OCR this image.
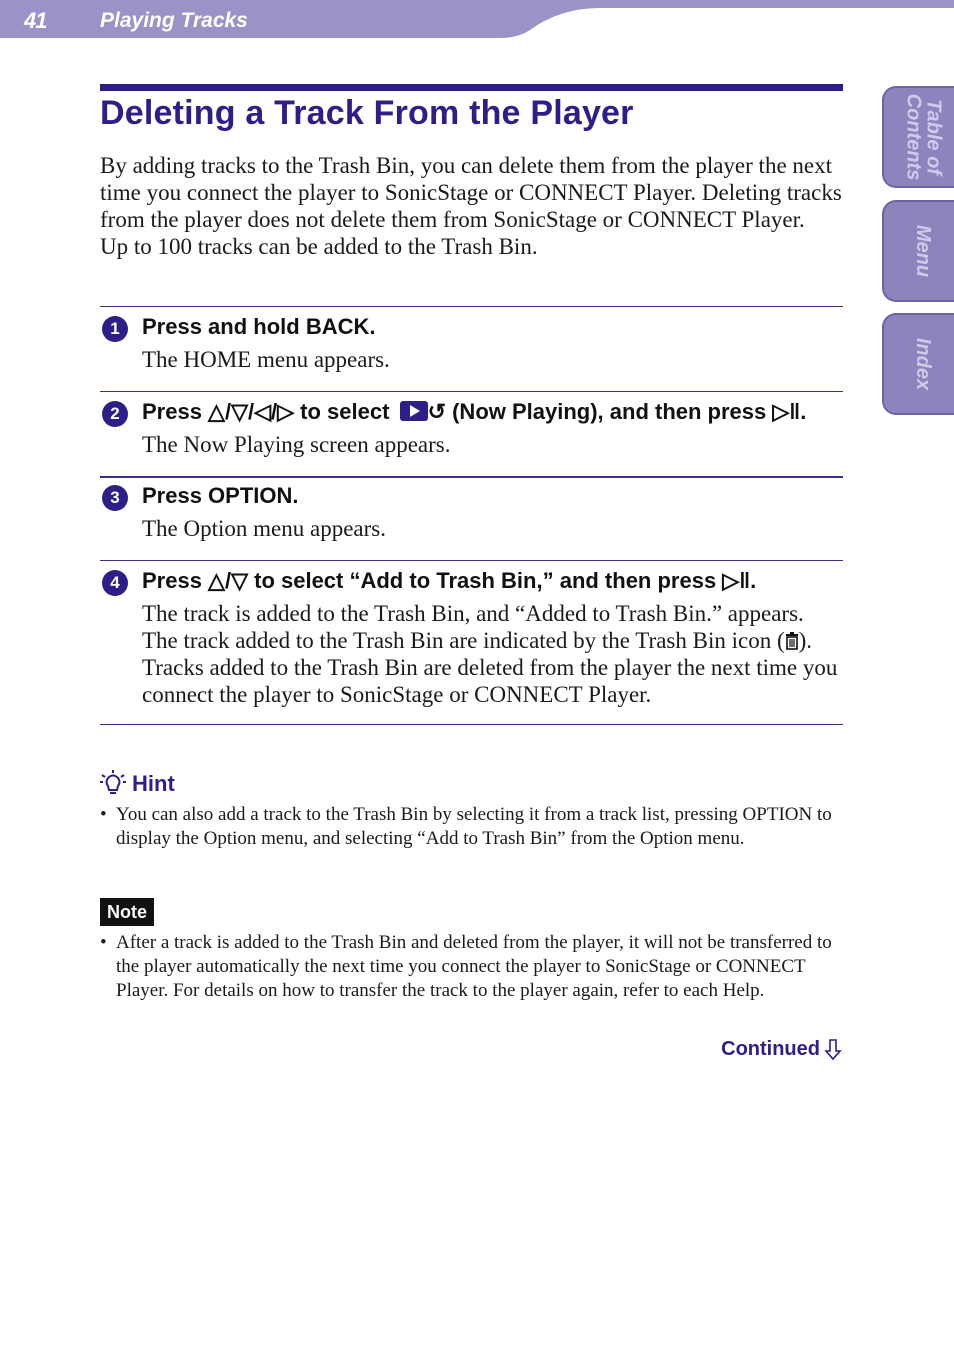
41	Playing Tracks
Table of
Contents
Menu
Index
Deleting a Track From the Player

By adding tracks to the Trash Bin, you can delete them from the player the next time you connect the player to SonicStage or CONNECT Player. Deleting tracks from the player does not delete them from SonicStage or CONNECT Player.

Up to 100 tracks can be added to the Trash Bin.

1	Press and hold BACK.
The HOME menu appears.
2	Press △/▽/◁/▷ to select ↺ (Now Playing), and then press ▷ǁ.
The Now Playing screen appears.
3	Press OPTION.
The Option menu appears.
4	Press △/▽ to select “Add to Trash Bin,” and then press ▷ǁ.
The track is added to the Trash Bin, and “Added to Trash Bin.” appears. The track added to the Trash Bin are indicated by the Trash Bin icon ( ). Tracks added to the Trash Bin are deleted from the player the next time you connect the player to SonicStage or CONNECT Player.
Hint
• You can also add a track to the Trash Bin by selecting it from a track list, pressing OPTION to display the Option menu, and selecting “Add to Trash Bin” from the Option menu.
Note
• After a track is added to the Trash Bin and deleted from the player, it will not be transferred to the player automatically the next time you connect the player to SonicStage or CONNECT Player. For details on how to transfer the track to the player again, refer to each Help.
Continued
